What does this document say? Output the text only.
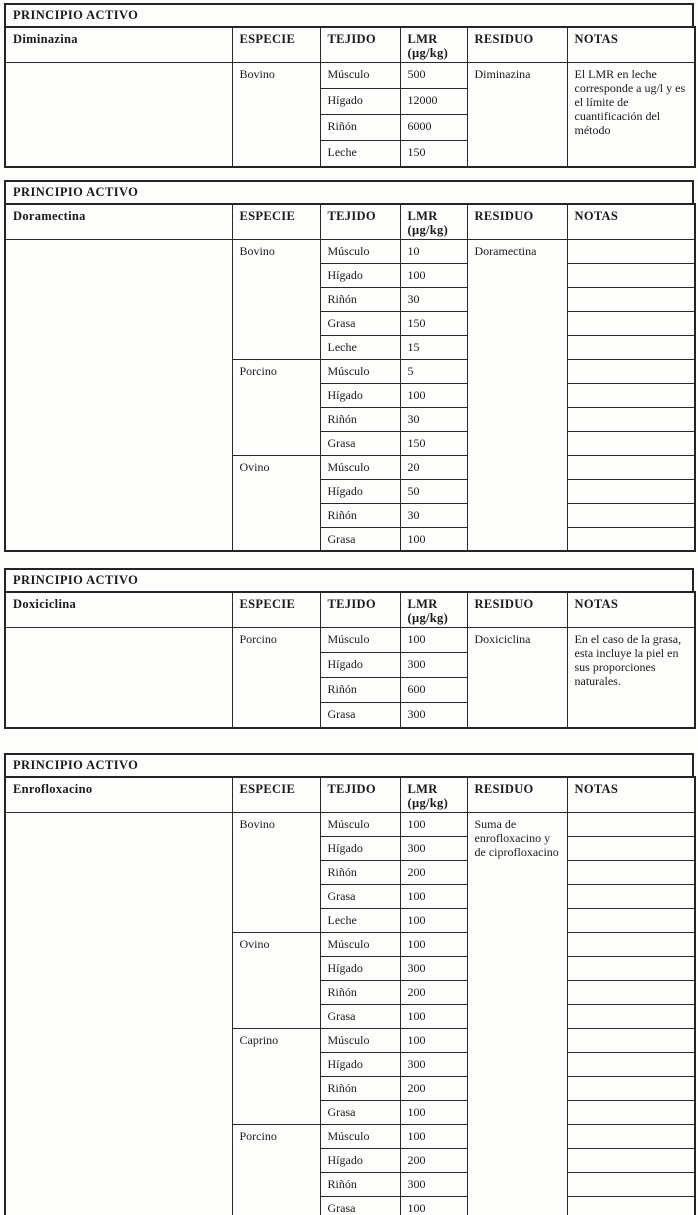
PRINCIPIO ACTIVO
Diminazina	ESPECIE	TEJIDO	LMR
(µg/kg)	RESIDUO	NOTAS
	Bovino	Músculo	500	Diminazina	El LMR en leche corresponde a ug/l y es el límite de cuantificación del método
		Hígado	12000		
		Riñón	6000		
		Leche	150		
PRINCIPIO ACTIVO
Doramectina	ESPECIE	TEJIDO	LMR
(µg/kg)	RESIDUO	NOTAS
	Bovino	Músculo	10	Doramectina	
		Hígado	100		
		Riñón	30		
		Grasa	150		
		Leche	15		
	Porcino	Músculo	5		
		Hígado	100		
		Riñón	30		
		Grasa	150		
	Ovino	Músculo	20		
		Hígado	50		
		Riñón	30		
		Grasa	100		
PRINCIPIO ACTIVO
Doxiciclina	ESPECIE	TEJIDO	LMR
(µg/kg)	RESIDUO	NOTAS
	Porcino	Músculo	100	Doxiciclina	En el caso de la grasa, esta incluye la piel en sus proporciones naturales.
		Hígado	300		
		Riñón	600		
		Grasa	300		
PRINCIPIO ACTIVO
Enrofloxacino	ESPECIE	TEJIDO	LMR
(µg/kg)	RESIDUO	NOTAS
	Bovino	Músculo	100	Suma de enrofloxacino y de ciprofloxacino	
		Hígado	300		
		Riñón	200		
		Grasa	100		
		Leche	100		
	Ovino	Músculo	100		
		Hígado	300		
		Riñón	200		
		Grasa	100		
	Caprino	Músculo	100		
		Hígado	300		
		Riñón	200		
		Grasa	100		
	Porcino	Músculo	100		
		Hígado	200		
		Riñón	300		
		Grasa	100		
